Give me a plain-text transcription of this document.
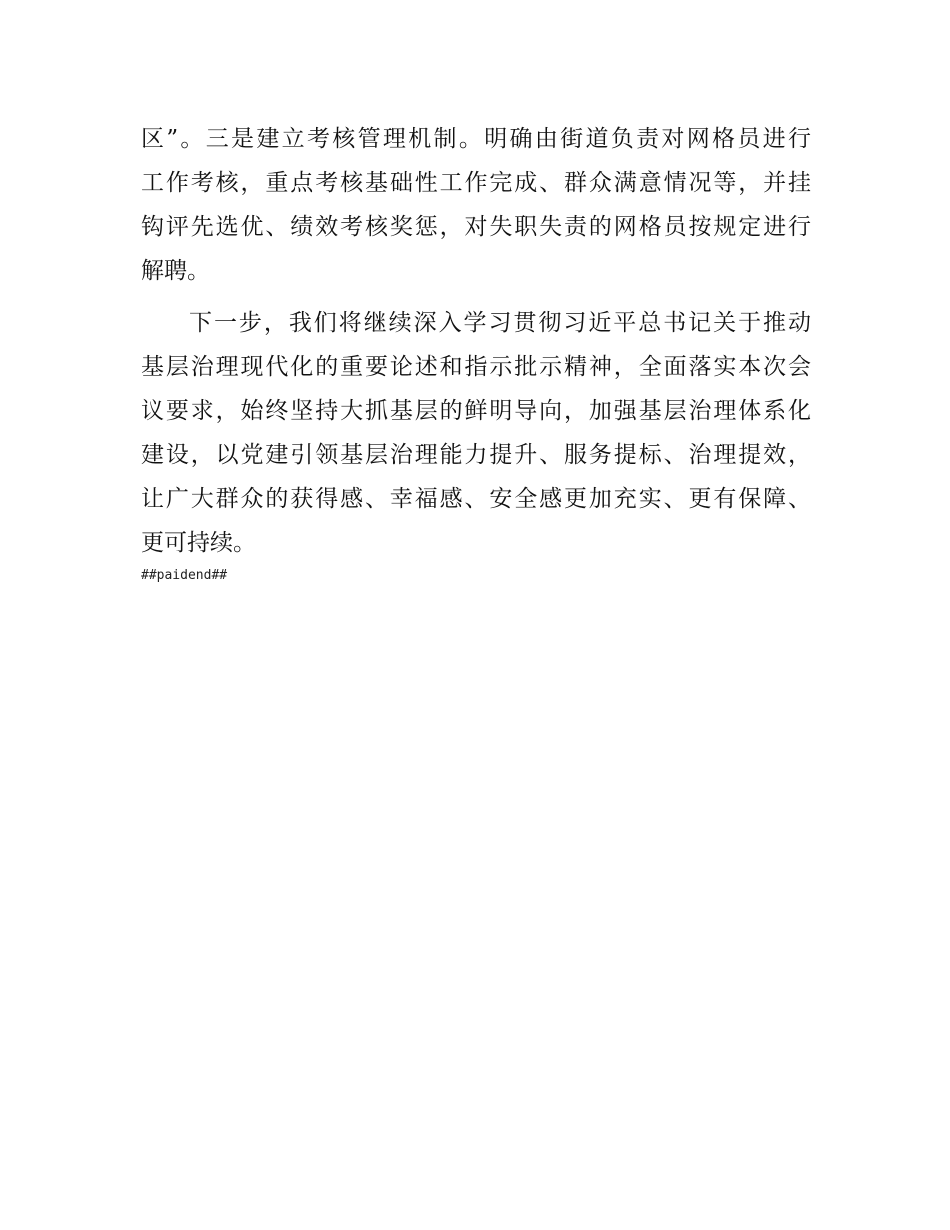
区”。三是建立考核管理机制。明确由街道负责对网格员进行
工作考核，重点考核基础性工作完成、群众满意情况等，并挂
钩评先选优、绩效考核奖惩，对失职失责的网格员按规定进行
解聘。
下一步，我们将继续深入学习贯彻习近平总书记关于推动
基层治理现代化的重要论述和指示批示精神，全面落实本次会
议要求，始终坚持大抓基层的鲜明导向，加强基层治理体系化
建设，以党建引领基层治理能力提升、服务提标、治理提效，
让广大群众的获得感、幸福感、安全感更加充实、更有保障、
更可持续。
##paidend##
